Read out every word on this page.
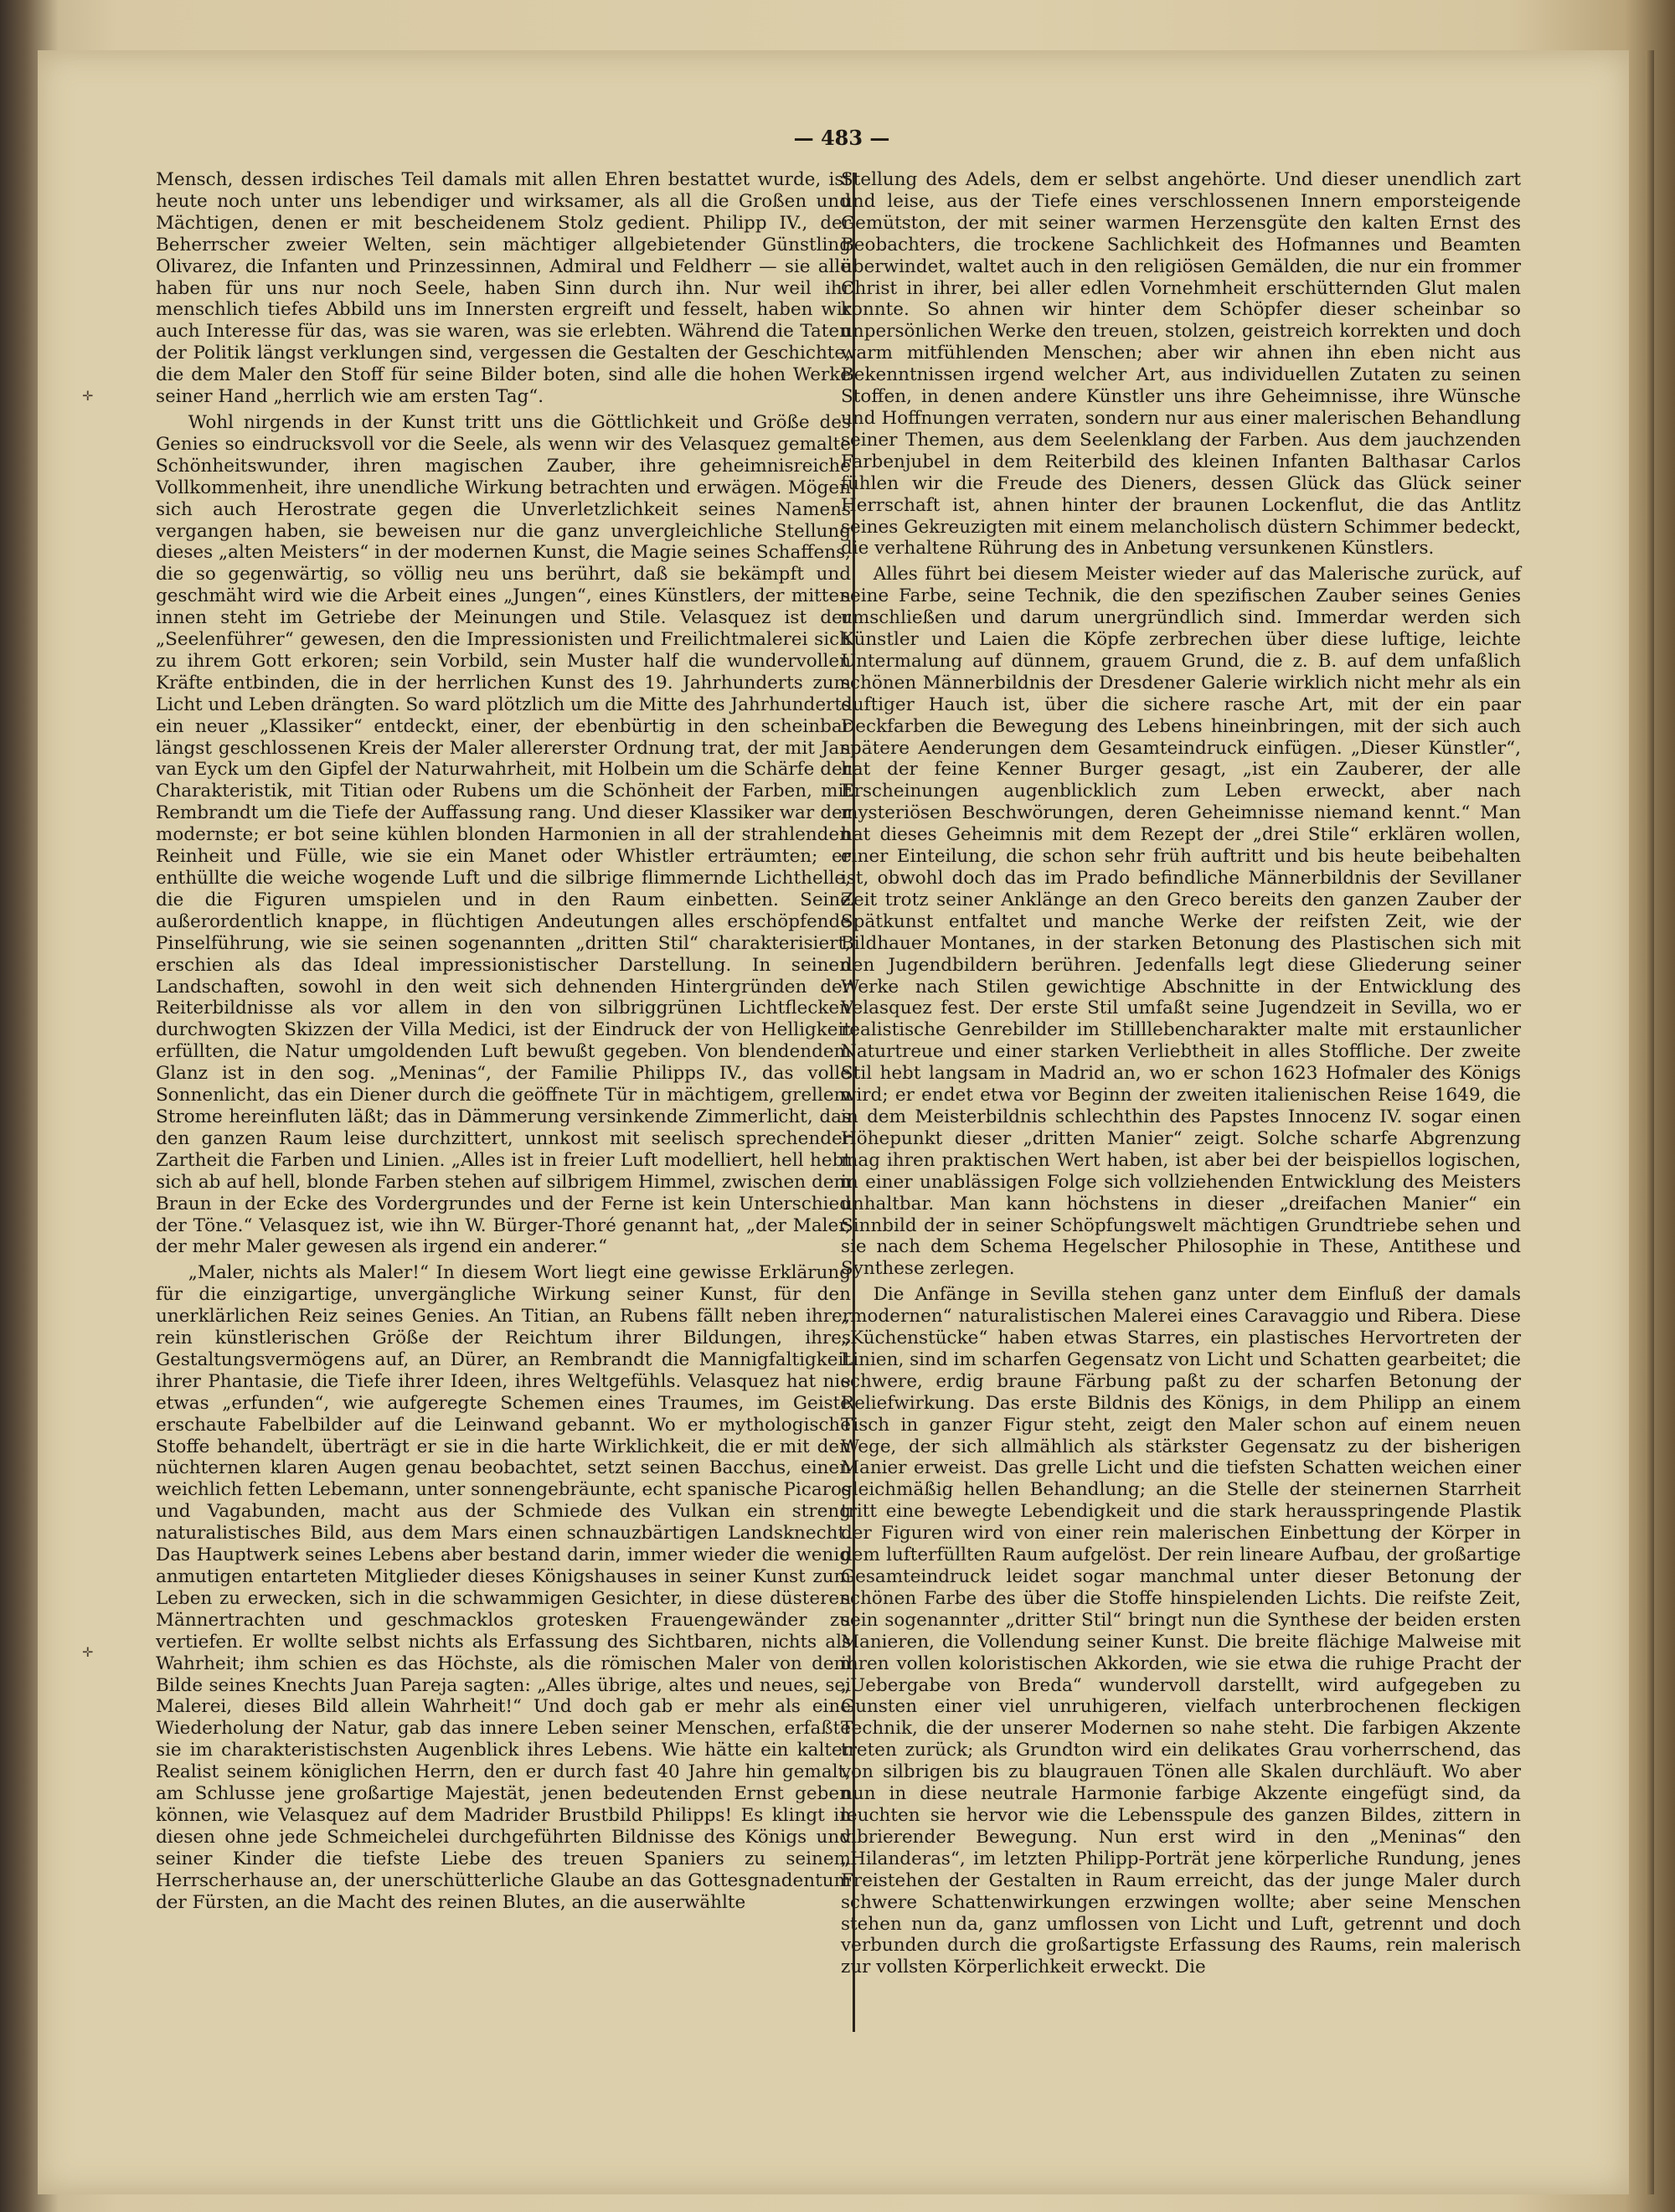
— 483 —

Mensch, dessen irdisches Teil damals mit allen Ehren bestattet wurde, ist heute noch unter uns lebendiger und wirksamer, als all die Großen und Mächtigen, denen er mit bescheidenem Stolz gedient. Philipp IV., der Beherrscher zweier Welten, sein mächtiger allgebietender Günstling Olivarez, die Infanten und Prinzessinnen, Admiral und Feldherr — sie alle haben für uns nur noch Seele, haben Sinn durch ihn. Nur weil ihr menschlich tiefes Abbild uns im Innersten ergreift und fesselt, haben wir auch Interesse für das, was sie waren, was sie erlebten. Während die Taten der Politik längst verklungen sind, vergessen die Gestalten der Geschichte, die dem Maler den Stoff für seine Bilder boten, sind alle die hohen Werke seiner Hand „herrlich wie am ersten Tag“.

Wohl nirgends in der Kunst tritt uns die Göttlichkeit und Größe des Genies so eindrucksvoll vor die Seele, als wenn wir des Velasquez gemalte Schönheitswunder, ihren magischen Zauber, ihre geheimnisreiche Vollkommenheit, ihre unendliche Wirkung betrachten und erwägen. Mögen sich auch Herostrate gegen die Unverletzlichkeit seines Namens vergangen haben, sie beweisen nur die ganz unvergleichliche Stellung dieses „alten Meisters“ in der modernen Kunst, die Magie seines Schaffens, die so gegenwärtig, so völlig neu uns berührt, daß sie bekämpft und geschmäht wird wie die Arbeit eines „Jungen“, eines Künstlers, der mitten innen steht im Getriebe der Meinungen und Stile. Velasquez ist der „Seelenführer“ gewesen, den die Impressionisten und Freilichtmalerei sich zu ihrem Gott erkoren; sein Vorbild, sein Muster half die wundervollen Kräfte entbinden, die in der herrlichen Kunst des 19. Jahrhunderts zum Licht und Leben drängten. So ward plötzlich um die Mitte des Jahrhunderts ein neuer „Klassiker“ entdeckt, einer, der ebenbürtig in den scheinbar längst geschlossenen Kreis der Maler allererster Ordnung trat, der mit Jan van Eyck um den Gipfel der Naturwahrheit, mit Holbein um die Schärfe der Charakteristik, mit Titian oder Rubens um die Schönheit der Farben, mit Rembrandt um die Tiefe der Auffassung rang. Und dieser Klassiker war der modernste; er bot seine kühlen blonden Harmonien in all der strahlenden Reinheit und Fülle, wie sie ein Manet oder Whistler erträumten; er enthüllte die weiche wogende Luft und die silbrige flimmernde Lichthelle, die die Figuren umspielen und in den Raum einbetten. Seine außerordentlich knappe, in flüchtigen Andeutungen alles erschöpfende Pinselführung, wie sie seinen sogenannten „dritten Stil“ charakterisiert, erschien als das Ideal impressionistischer Darstellung. In seinen Landschaften, sowohl in den weit sich dehnenden Hintergründen der Reiterbildnisse als vor allem in den von silbriggrünen Lichtflecken durchwogten Skizzen der Villa Medici, ist der Eindruck der von Helligkeit erfüllten, die Natur umgoldenden Luft bewußt gegeben. Von blendendem Glanz ist in den sog. „Meninas“, der Familie Philipps IV., das volle Sonnenlicht, das ein Diener durch die geöffnete Tür in mächtigem, grellem Strome hereinfluten läßt; das in Dämmerung versinkende Zimmerlicht, das den ganzen Raum leise durchzittert, unnkost mit seelisch sprechender Zartheit die Farben und Linien. „Alles ist in freier Luft modelliert, hell hebt sich ab auf hell, blonde Farben stehen auf silbrigem Himmel, zwischen dem Braun in der Ecke des Vordergrundes und der Ferne ist kein Unterschied der Töne.“ Velasquez ist, wie ihn W. Bürger-Thoré genannt hat, „der Maler, der mehr Maler gewesen als irgend ein anderer.“

„Maler, nichts als Maler!“ In diesem Wort liegt eine gewisse Erklärung für die einzigartige, unvergängliche Wirkung seiner Kunst, für den unerklärlichen Reiz seines Genies. An Titian, an Rubens fällt neben ihrer rein künstlerischen Größe der Reichtum ihrer Bildungen, ihres Gestaltungsvermögens auf, an Dürer, an Rembrandt die Mannigfaltigkeit ihrer Phantasie, die Tiefe ihrer Ideen, ihres Weltgefühls. Velasquez hat nie etwas „erfunden“, wie aufgeregte Schemen eines Traumes, im Geiste erschaute Fabelbilder auf die Leinwand gebannt. Wo er mythologische Stoffe behandelt, überträgt er sie in die harte Wirklichkeit, die er mit den nüchternen klaren Augen genau beobachtet, setzt seinen Bacchus, einen weichlich fetten Lebemann, unter sonnengebräunte, echt spanische Picaros und Vagabunden, macht aus der Schmiede des Vulkan ein streng naturalistisches Bild, aus dem Mars einen schnauzbärtigen Landsknecht. Das Hauptwerk seines Lebens aber bestand darin, immer wieder die wenig anmutigen entarteten Mitglieder dieses Königshauses in seiner Kunst zum Leben zu erwecken, sich in die schwammigen Gesichter, in diese düsteren Männertrachten und geschmacklos grotesken Frauengewänder zu vertiefen. Er wollte selbst nichts als Erfassung des Sichtbaren, nichts als Wahrheit; ihm schien es das Höchste, als die römischen Maler von dem Bilde seines Knechts Juan Pareja sagten: „Alles übrige, altes und neues, sei Malerei, dieses Bild allein Wahrheit!“ Und doch gab er mehr als eine Wiederholung der Natur, gab das innere Leben seiner Menschen, erfaßte sie im charakteristischsten Augenblick ihres Lebens. Wie hätte ein kalter Realist seinem königlichen Herrn, den er durch fast 40 Jahre hin gemalt, am Schlusse jene großartige Majestät, jenen bedeutenden Ernst geben können, wie Velasquez auf dem Madrider Brustbild Philipps! Es klingt in diesen ohne jede Schmeichelei durchgeführten Bildnisse des Königs und seiner Kinder die tiefste Liebe des treuen Spaniers zu seinem Herrscherhause an, der unerschütterliche Glaube an das Gottesgnadentum der Fürsten, an die Macht des reinen Blutes, an die auserwählte

Stellung des Adels, dem er selbst angehörte. Und dieser unendlich zart und leise, aus der Tiefe eines verschlossenen Innern emporsteigende Gemütston, der mit seiner warmen Herzensgüte den kalten Ernst des Beobachters, die trockene Sachlichkeit des Hofmannes und Beamten überwindet, waltet auch in den religiösen Gemälden, die nur ein frommer Christ in ihrer, bei aller edlen Vornehmheit erschütternden Glut malen konnte. So ahnen wir hinter dem Schöpfer dieser scheinbar so unpersönlichen Werke den treuen, stolzen, geistreich korrekten und doch warm mitfühlenden Menschen; aber wir ahnen ihn eben nicht aus Bekenntnissen irgend welcher Art, aus individuellen Zutaten zu seinen Stoffen, in denen andere Künstler uns ihre Geheimnisse, ihre Wünsche und Hoffnungen verraten, sondern nur aus einer malerischen Behandlung seiner Themen, aus dem Seelenklang der Farben. Aus dem jauchzenden Farbenjubel in dem Reiterbild des kleinen Infanten Balthasar Carlos fühlen wir die Freude des Dieners, dessen Glück das Glück seiner Herrschaft ist, ahnen hinter der braunen Lockenflut, die das Antlitz seines Gekreuzigten mit einem melancholisch düstern Schimmer bedeckt, die verhaltene Rührung des in Anbetung versunkenen Künstlers.

Alles führt bei diesem Meister wieder auf das Malerische zurück, auf seine Farbe, seine Technik, die den spezifischen Zauber seines Genies umschließen und darum unergründlich sind. Immerdar werden sich Künstler und Laien die Köpfe zerbrechen über diese luftige, leichte Untermalung auf dünnem, grauem Grund, die z. B. auf dem unfaßlich schönen Männerbildnis der Dresdener Galerie wirklich nicht mehr als ein duftiger Hauch ist, über die sichere rasche Art, mit der ein paar Deckfarben die Bewegung des Lebens hineinbringen, mit der sich auch spätere Aenderungen dem Gesamteindruck einfügen. „Dieser Künstler“, hat der feine Kenner Burger gesagt, „ist ein Zauberer, der alle Erscheinungen augenblicklich zum Leben erweckt, aber nach mysteriösen Beschwörungen, deren Geheimnisse niemand kennt.“ Man hat dieses Geheimnis mit dem Rezept der „drei Stile“ erklären wollen, einer Einteilung, die schon sehr früh auftritt und bis heute beibehalten ist, obwohl doch das im Prado befindliche Männerbildnis der Sevillaner Zeit trotz seiner Anklänge an den Greco bereits den ganzen Zauber der Spätkunst entfaltet und manche Werke der reifsten Zeit, wie der Bildhauer Montanes, in der starken Betonung des Plastischen sich mit den Jugendbildern berühren. Jedenfalls legt diese Gliederung seiner Werke nach Stilen gewichtige Abschnitte in der Entwicklung des Velasquez fest. Der erste Stil umfaßt seine Jugendzeit in Sevilla, wo er realistische Genrebilder im Stilllebencharakter malte mit erstaunlicher Naturtreue und einer starken Verliebtheit in alles Stoffliche. Der zweite Stil hebt langsam in Madrid an, wo er schon 1623 Hofmaler des Königs wird; er endet etwa vor Beginn der zweiten italienischen Reise 1649, die in dem Meisterbildnis schlechthin des Papstes Innocenz IV. sogar einen Höhepunkt dieser „dritten Manier“ zeigt. Solche scharfe Abgrenzung mag ihren praktischen Wert haben, ist aber bei der beispiellos logischen, in einer unablässigen Folge sich vollziehenden Entwicklung des Meisters unhaltbar. Man kann höchstens in dieser „dreifachen Manier“ ein Sinnbild der in seiner Schöpfungswelt mächtigen Grundtriebe sehen und sie nach dem Schema Hegelscher Philosophie in These, Antithese und Synthese zerlegen.

Die Anfänge in Sevilla stehen ganz unter dem Einfluß der damals „modernen“ naturalistischen Malerei eines Caravaggio und Ribera. Diese „Küchenstücke“ haben etwas Starres, ein plastisches Hervortreten der Linien, sind im scharfen Gegensatz von Licht und Schatten gearbeitet; die schwere, erdig braune Färbung paßt zu der scharfen Betonung der Reliefwirkung. Das erste Bildnis des Königs, in dem Philipp an einem Tisch in ganzer Figur steht, zeigt den Maler schon auf einem neuen Wege, der sich allmählich als stärkster Gegensatz zu der bisherigen Manier erweist. Das grelle Licht und die tiefsten Schatten weichen einer gleichmäßig hellen Behandlung; an die Stelle der steinernen Starrheit tritt eine bewegte Lebendigkeit und die stark herausspringende Plastik der Figuren wird von einer rein malerischen Einbettung der Körper in dem lufterfüllten Raum aufgelöst. Der rein lineare Aufbau, der großartige Gesamteindruck leidet sogar manchmal unter dieser Betonung der schönen Farbe des über die Stoffe hinspielenden Lichts. Die reifste Zeit, sein sogenannter „dritter Stil“ bringt nun die Synthese der beiden ersten Manieren, die Vollendung seiner Kunst. Die breite flächige Malweise mit ihren vollen koloristischen Akkorden, wie sie etwa die ruhige Pracht der „Uebergabe von Breda“ wundervoll darstellt, wird aufgegeben zu Gunsten einer viel unruhigeren, vielfach unterbrochenen fleckigen Technik, die der unserer Modernen so nahe steht. Die farbigen Akzente treten zurück; als Grundton wird ein delikates Grau vorherrschend, das von silbrigen bis zu blaugrauen Tönen alle Skalen durchläuft. Wo aber nun in diese neutrale Harmonie farbige Akzente eingefügt sind, da leuchten sie hervor wie die Lebensspule des ganzen Bildes, zittern in vibrierender Bewegung. Nun erst wird in den „Meninas“ den „Hilanderas“, im letzten Philipp-Porträt jene körperliche Rundung, jenes Freistehen der Gestalten in Raum erreicht, das der junge Maler durch schwere Schattenwirkungen erzwingen wollte; aber seine Menschen stehen nun da, ganz umflossen von Licht und Luft, getrennt und doch verbunden durch die großartigste Erfassung des Raums, rein malerisch zur vollsten Körperlichkeit erweckt. Die

✛
✛
